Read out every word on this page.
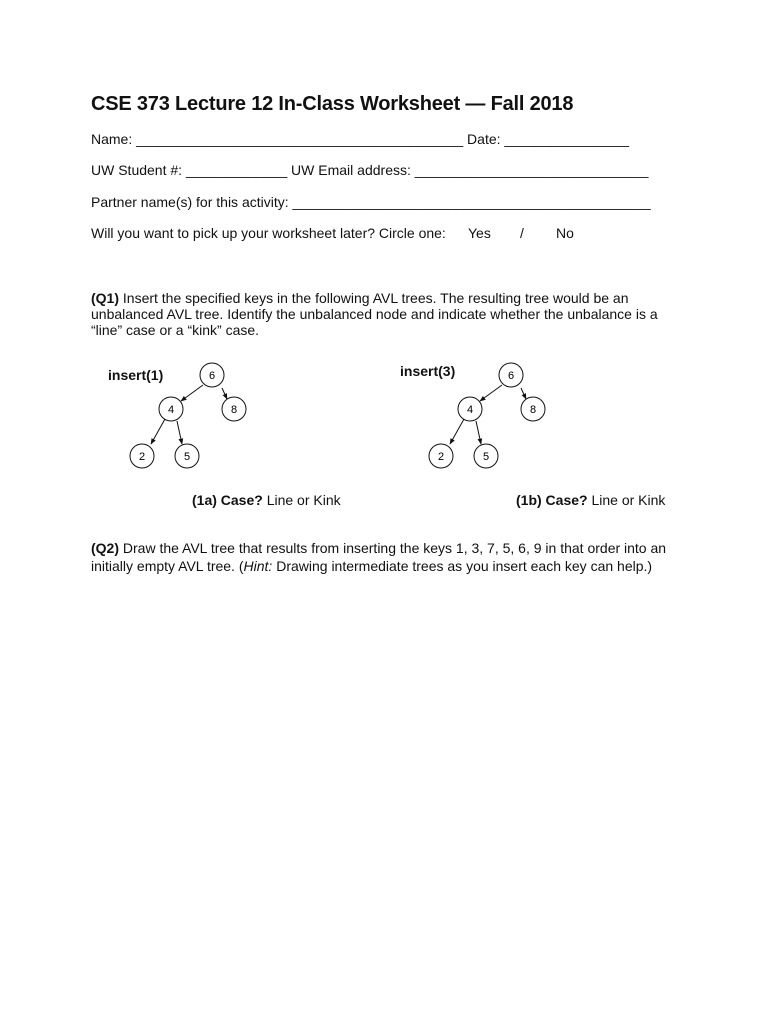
CSE 373 Lecture 12 In-Class Worksheet — Fall 2018
Name: __________________________________________ Date: ________________
UW Student #: _____________ UW Email address: ______________________________
Partner name(s) for this activity: ______________________________________________
Will you want to pick up your worksheet later? Circle one: Yes / No
(Q1) Insert the specified keys in the following AVL trees. The resulting tree would be an
unbalanced AVL tree. Identify the unbalanced node and indicate whether the unbalance is a
“line” case or a “kink” case.
insert(1)	insert(3)
6
4	8
2	5
6
4	8
2	5
(1a) Case? Line or Kink	(1b) Case? Line or Kink
(Q2) Draw the AVL tree that results from inserting the keys 1, 3, 7, 5, 6, 9 in that order into an
initially empty AVL tree. (Hint: Drawing intermediate trees as you insert each key can help.)
